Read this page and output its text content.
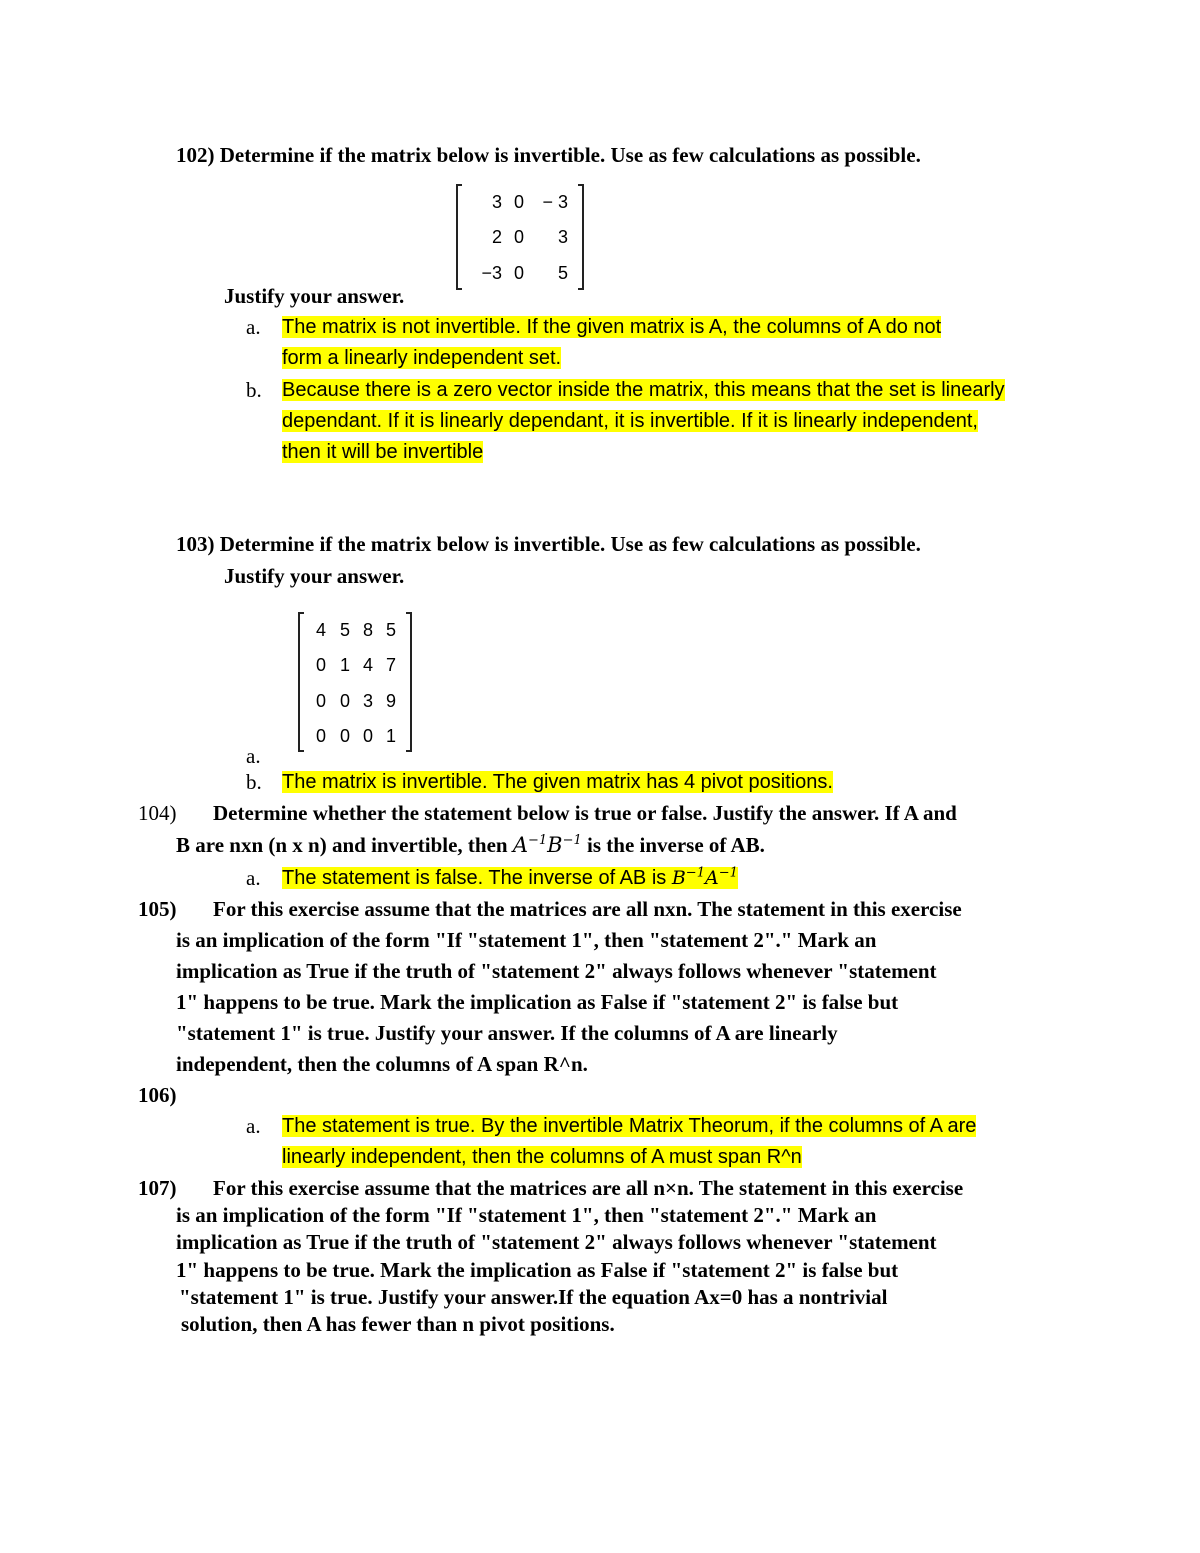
102) Determine if the matrix below is invertible. Use as few calculations as possible.
3 0	− 3
2 0	3
−3 0	5
Justify your answer.
a. The matrix is not invertible. If the given matrix is A, the columns of A do not
form a linearly independent set.
b. Because there is a zero vector inside the matrix, this means that the set is linearly
dependant. If it is linearly dependant, it is invertible. If it is linearly independent,
then it will be invertible
103) Determine if the matrix below is invertible. Use as few calculations as possible.
Justify your answer.
4 5 8 5
0 1 4 7
0 0 3 9
0 0 0 1
a.
b. The matrix is invertible. The given matrix has 4 pivot positions.
104) Determine whether the statement below is true or false. Justify the answer. If A and
B are nxn (n x n) and invertible, then $A^{-1}B^{-1}$ is the inverse of AB.
a. The statement is false. The inverse of AB is $B^{-1}A^{-1}$
105) For this exercise assume that the matrices are all nxn. The statement in this exercise
is an implication of the form "If "statement 1", then "statement 2"." Mark an
implication as True if the truth of "statement 2" always follows whenever "statement
1" happens to be true. Mark the implication as False if "statement 2" is false but
"statement 1" is true. Justify your answer. If the columns of A are linearly
independent, then the columns of A span R^n.
106)
a. The statement is true. By the invertible Matrix Theorum, if the columns of A are
linearly independent, then the columns of A must span R^n
107) For this exercise assume that the matrices are all n×n. The statement in this exercise
is an implication of the form "If "statement 1", then "statement 2"." Mark an
implication as True if the truth of "statement 2" always follows whenever "statement
1" happens to be true. Mark the implication as False if "statement 2" is false but
"statement 1" is true. Justify your answer.If the equation Ax=0 has a nontrivial
solution, then A has fewer than n pivot positions.
